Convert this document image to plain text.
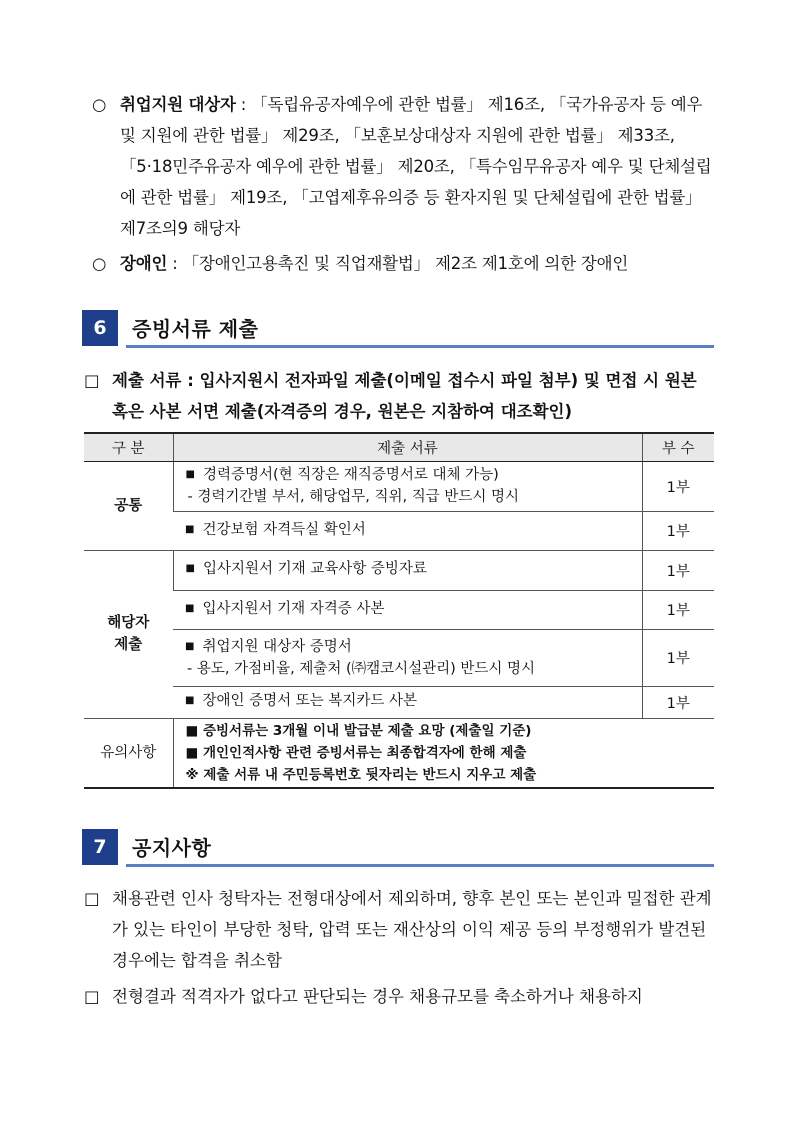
○ 취업지원 대상자 : 「독립유공자예우에 관한 법률」 제16조, 「국가유공자 등 예우 및 지원에 관한 법률」 제29조, 「보훈보상대상자 지원에 관한 법률」 제33조, 「5·18민주유공자 예우에 관한 법률」 제20조, 「특수임무유공자 예우 및 단체설립에 관한 법률」 제19조, 「고엽제후유의증 등 환자지원 및 단체설립에 관한 법률」 제7조의9 해당자
○ 장애인 : 「장애인고용촉진 및 직업재활법」 제2조 제1호에 의한 장애인
6	증빙서류 제출
□ 제출 서류 : 입사지원시 전자파일 제출(이메일 접수시 파일 첨부) 및 면접 시 원본 혹은 사본 서면 제출(자격증의 경우, 원본은 지참하여 대조확인)
구 분	제출 서류	부 수
공통	■ 경력증명서(현 직장은 재직증명서로 대체 가능)
- 경력기간별 부서, 해당업무, 직위, 직급 반드시 명시	1부
	■ 건강보험 자격득실 확인서	1부
해당자
제출	■ 입사지원서 기재 교육사항 증빙자료	1부
	■ 입사지원서 기재 자격증 사본	1부
	■ 취업지원 대상자 증명서
- 용도, 가점비율, 제출처 (㈜캠코시설관리) 반드시 명시	1부
	■ 장애인 증명서 또는 복지카드 사본	1부
유의사항	■ 증빙서류는 3개월 이내 발급분 제출 요망 (제출일 기준)
■ 개인인적사항 관련 증빙서류는 최종합격자에 한해 제출
※ 제출 서류 내 주민등록번호 뒷자리는 반드시 지우고 제출	
7	공지사항
□ 채용관련 인사 청탁자는 전형대상에서 제외하며, 향후 본인 또는 본인과 밀접한 관계가 있는 타인이 부당한 청탁, 압력 또는 재산상의 이익 제공 등의 부정행위가 발견된 경우에는 합격을 취소함
□ 전형결과 적격자가 없다고 판단되는 경우 채용규모를 축소하거나 채용하지
